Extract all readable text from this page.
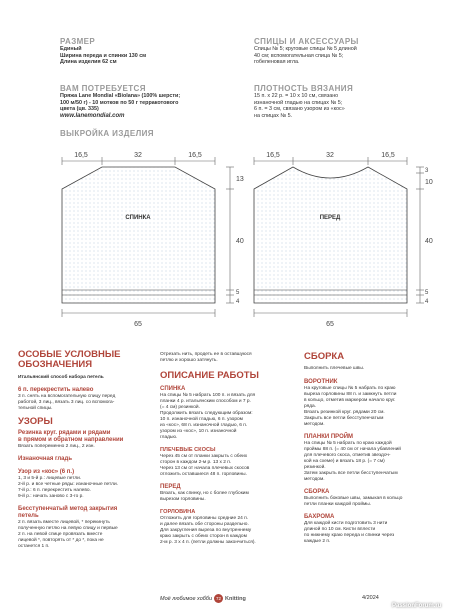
РАЗМЕР
Единый
Ширина переда и спинки 130 см
Длина изделия 62 см
ВАМ ПОТРЕБУЕТСЯ
Пряжа Lane Mondial «Biolana» (100% шерсти;
100 м/50 г) - 10 мотков по 50 г терракотового
цвета (цв. 335)
www.lanemondial.com
СПИЦЫ И АКСЕССУАРЫ
Спицы № 5; круговые спицы № 5 длиной
40 см; вспомогательная спица № 5;
гобеленовая игла.
ПЛОТНОСТЬ ВЯЗАНИЯ
15 п. х 22 р. = 10 х 10 см, связано
изнаночной гладью на спицах № 5;
6 п. = 3 см, связано узором из «кос»
на спицах № 5.
ВЫКРОЙКА ИЗДЕЛИЯ
16,5	32	16,5
СПИНКА
13
40
5
4
65
16,5	32	16,5
ПЕРЕД
3
10
40
5
4
65
ОСОБЫЕ УСЛОВНЫЕ ОБОЗНАЧЕНИЯ
Итальянский способ набора петель
6 п. перекрестить налево
3 п. снять на вспомогательную спицу перед
работой, 3 лиц., вязать 3 лиц. со вспомога-
тельной спицы.
УЗОРЫ
Резинка круг. рядами и рядами
в прямом и обратном направлении
Вязать попеременно 2 лиц., 2 изн.
Изнаночная гладь
Узор из «кос» (6 п.)
1, 3 и 5-й р.: лицевые петли.
2-й р. и все четные ряды: изнаночные петли.
7-й р.: 6 п. перекрестить налево.
9-й р.: начать заново с 3-го р.
Бесступенчатый метод закрытия
петель
2 п. вязать вместе лицевой, * перекинуть
полученную петлю на левую спицу и первые
2 п. на левой спице провязать вместе
лицевой *, повторять от * до *, пока не
останется 1 п.
Отрезать нить, продеть ее в оставшуюся
петлю и хорошо затянуть.
ОПИСАНИЕ РАБОТЫ
СПИНКА
На спицы № 5 набрать 100 п. и вязать для
планки 4 р. итальянским способом и 7 р.
(= 4 см) резинкой.
Продолжить вязать следующим образом:
10 п. изнаночной гладью, 6 п. узором
из «кос», 68 п. изнаночной гладью, 6 п.
узором из «кос», 10 п. изнаночной
гладью.
ПЛЕЧЕВЫЕ СКОСЫ
Через 45 см от планки закрыть с обеих
сторон в каждом 2-м р. 13 х 2 п.
Через 13 см от начала плечевых скосов
отложить оставшиеся 48 п. горловины.
ПЕРЕД
Вязать, как спинку, но с более глубоким
вырезом горловины.
ГОРЛОВИНА
Отложить для горловины средние 24 п.
и далее вязать обе стороны раздельно.
Для закругления выреза по внутреннему
краю закрыть с обеих сторон в каждом
2-м р. 3 х 4 п. (петли должны закончиться).
СБОРКА
Выполнить плечевые швы.
ВОРОТНИК
На круговые спицы № 5 набрать по краю
выреза горловины 88 п. и замкнуть петли
в кольцо, отметив маркером начало круг.
ряда.
Вязать резинкой круг. рядами 20 см.
Закрыть все петли бесступенчатым
методом.
ПЛАНКИ ПРОЙМ
На спицы № 5 набрать по краю каждой
проймы 88 п. (= 40 см от начала убавлений
для плечевого скоса, отметив звездоч-
кой на схеме) и вязать 18 р. (= 7 см)
резинкой.
Затем закрыть все петли бесступенчатым
методом.
СБОРКА
Выполнить боковые швы, замыкая в кольцо
петли планки каждой проймы.
БАХРОМА
Для каждой кисти подготовить 3 нити
длиной по 10 см. Кисти вплести
по нижнему краю переда и спинки через
каждые 2 п.
Моё любимое хобби 72 Knitting	4/2024
PassionForum.ru
